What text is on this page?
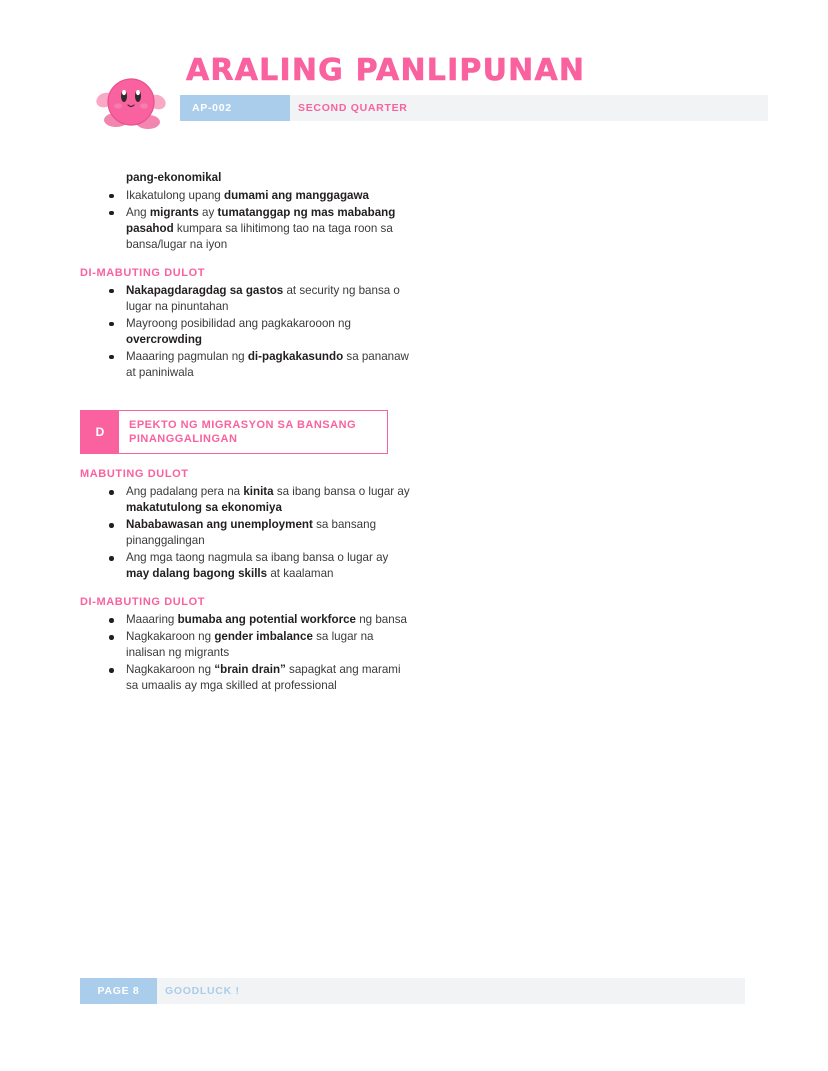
ARALING PANLIPUNAN
AP-002	SECOND QUARTER
pang-ekonomikal
Ikakatulong upang dumami ang manggagawa
Ang migrants ay tumatanggap ng mas mababang pasahod kumpara sa lihitimong tao na taga roon sa bansa/lugar na iyon
DI-MABUTING DULOT
Nakapagdaragdag sa gastos at security ng bansa o lugar na pinuntahan
Mayroong posibilidad ang pagkakarooon ng overcrowding
Maaaring pagmulan ng di-pagkakasundo sa pananaw at paniniwala
D
EPEKTO NG MIGRASYON SA BANSANG PINANGGALINGAN
MABUTING DULOT
Ang padalang pera na kinita sa ibang bansa o lugar ay makatutulong sa ekonomiya
Nababawasan ang unemployment sa bansang pinanggalingan
Ang mga taong nagmula sa ibang bansa o lugar ay may dalang bagong skills at kaalaman
DI-MABUTING DULOT
Maaaring bumaba ang potential workforce ng bansa
Nagkakaroon ng gender imbalance sa lugar na inalisan ng migrants
Nagkakaroon ng “brain drain” sapagkat ang marami sa umaalis ay mga skilled at professional
PAGE 8	GOODLUCK !
